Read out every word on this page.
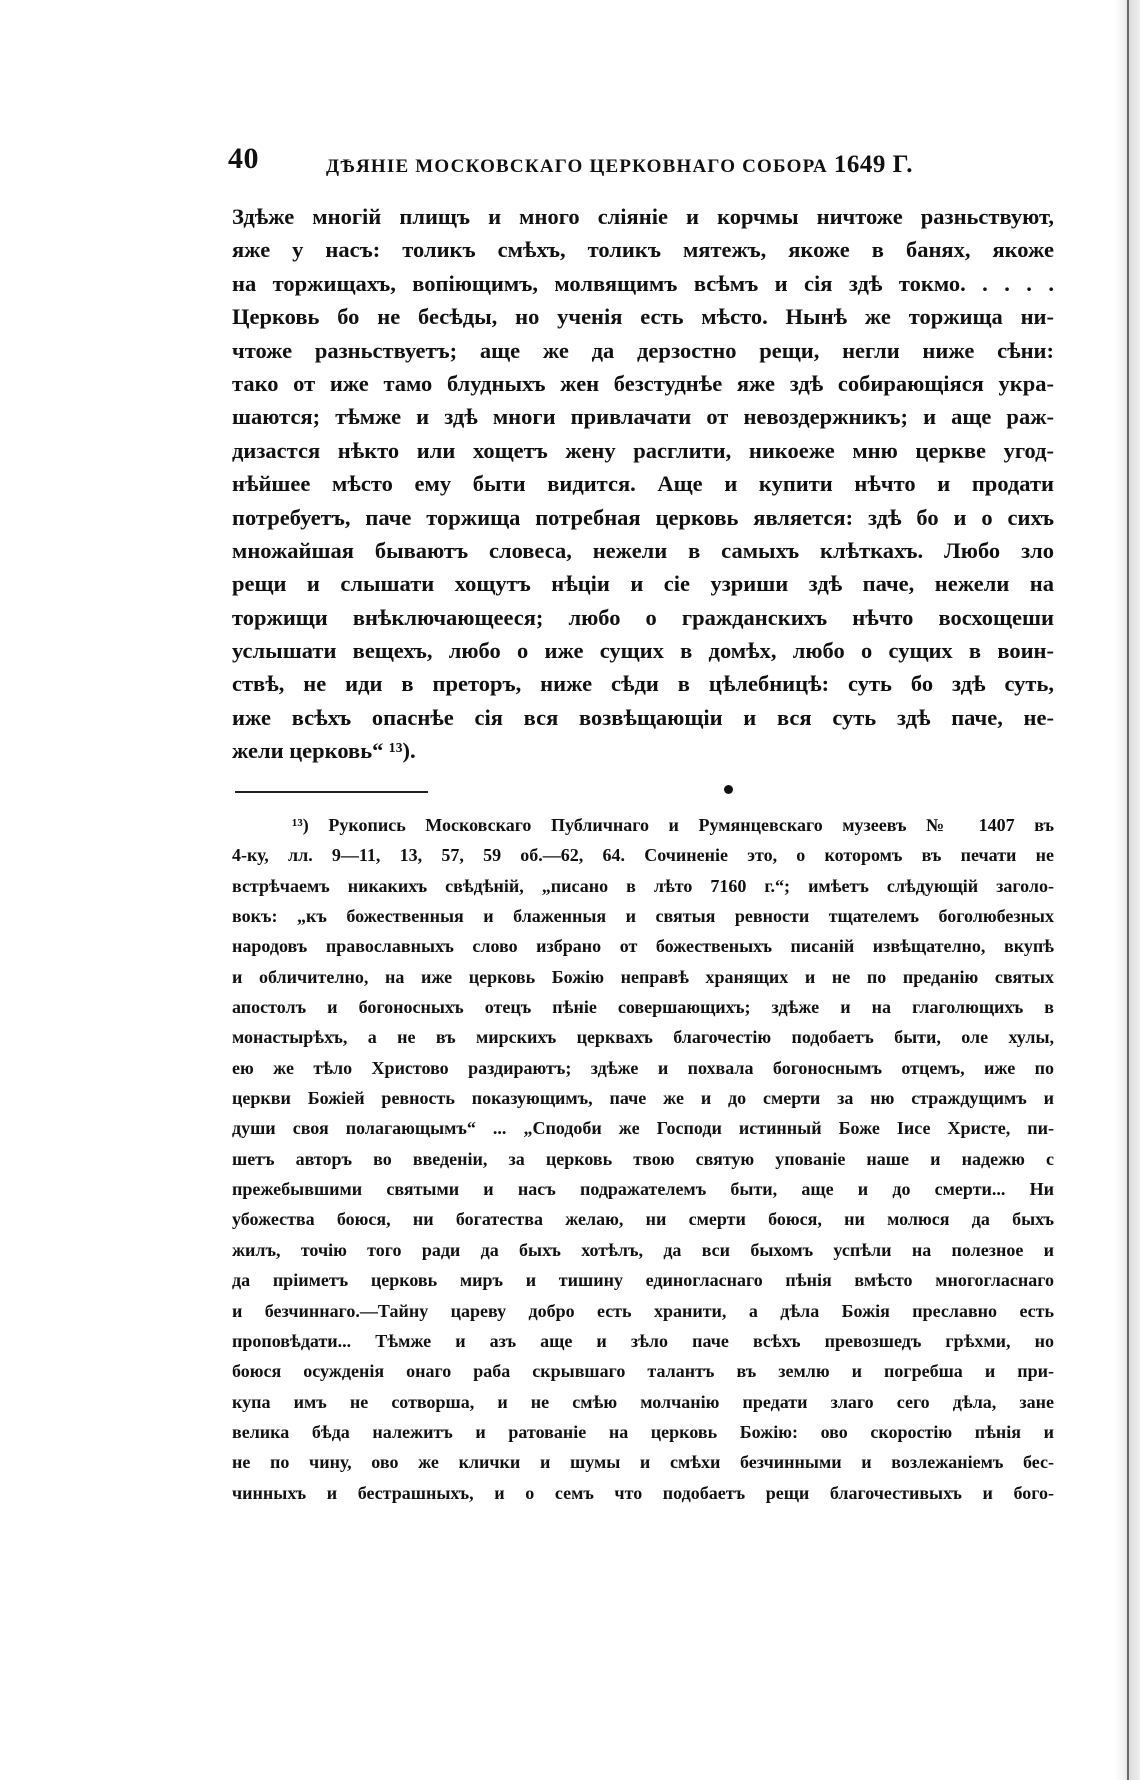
40	ДѢЯНІЕ МОСКОВСКАГО ЦЕРКОВНАГО СОБОРА 1649 Г.
Здѣже многій плищъ и много сліяніе и корчмы ничтоже разньствуют,
яже у насъ: толикъ смѣхъ, толикъ мятежъ, якоже в банях, якоже
на торжищахъ, вопіющимъ, молвящимъ всѣмъ и сія здѣ токмо. . . . .
Церковь бо не бесѣды, но ученія есть мѣсто. Нынѣ же торжища ни-
чтоже разньствуетъ; аще же да дерзостно рещи, негли ниже сѣни:
тако от иже тамо блудныхъ жен безстуднѣе яже здѣ собирающіяся укра-
шаются; тѣмже и здѣ многи привлачати от невоздержникъ; и аще раж-
дизастся нѣкто или хощетъ жену расглити, никоеже мню церкве угод-
нѣйшее мѣсто ему быти видится. Аще и купити нѣчто и продати
потребуетъ, паче торжища потребная церковь является: здѣ бо и о сихъ
множайшая бываютъ словеса, нежели в самыхъ клѣткахъ. Любо зло
рещи и слышати хощутъ нѣціи и сіе узриши здѣ паче, нежели на
торжищи внѣключающееся; любо о гражданскихъ нѣчто восхощеши
услышати вещехъ, любо о иже сущих в домѣх, любо о сущих в воин-
ствѣ, не иди в преторъ, ниже сѣди в цѣлебницѣ: суть бо здѣ суть,
иже всѣхъ опаснѣе сія вся возвѣщающіи и вся суть здѣ паче, не-
жели церковь“ ¹³).
¹³) Рукопись Московскаго Публичнаго и Румянцевскаго музеевъ № 1407 въ
4-ку, лл. 9—11, 13, 57, 59 об.—62, 64. Сочиненіе это, о которомъ въ печати не
встрѣчаемъ никакихъ свѣдѣній, „писано в лѣто 7160 г.“; имѣетъ слѣдующій заголо-
вокъ: „къ божественныя и блаженныя и святыя ревности тщателемъ боголюбезных
народовъ православныхъ слово избрано от божественыхъ писаній извѣщателно, вкупѣ
и обличително, на иже церковь Божію неправѣ хранящих и не по преданію святых
апостолъ и богоносныхъ отецъ пѣніе совершающихъ; здѣже и на глаголющихъ в
монастырѣхъ, а не въ мирскихъ церквахъ благочестію подобаетъ быти, оле хулы,
ею же тѣло Христово раздираютъ; здѣже и похвала богоноснымъ отцемъ, иже по
церкви Божіей ревность показующимъ, паче же и до смерти за ню страждущимъ и
души своя полагающымъ“ ... „Сподоби же Господи истинный Боже Іисе Христе, пи-
шетъ авторъ во введеніи, за церковь твою святую упованіе наше и надежю с
прежебывшими святыми и насъ подражателемъ быти, аще и до смерти... Ни
убожества боюся, ни богатества желаю, ни смерти боюся, ни молюся да быхъ
жилъ, точію того ради да быхъ хотѣлъ, да вси быхомъ успѣли на полезное и
да пріиметъ церковь миръ и тишину единогласнаго пѣнія вмѣсто многогласнаго
и безчиннаго.—Тайну цареву добро есть хранити, а дѣла Божія преславно есть
проповѣдати... Тѣмже и азъ аще и зѣло паче всѣхъ превозшедъ грѣхми, но
боюся осужденія онаго раба скрывшаго талантъ въ землю и погребша и при-
купа имъ не сотворша, и не смѣю молчанію предати злаго сего дѣла, зане
велика бѣда належитъ и ратованіе на церковь Божію: ово скоростію пѣнія и
не по чину, ово же клички и шумы и смѣхи безчинными и возлежаніемъ бес-
чинныхъ и бестрашныхъ, и о семъ что подобаетъ рещи благочестивыхъ и бого-
